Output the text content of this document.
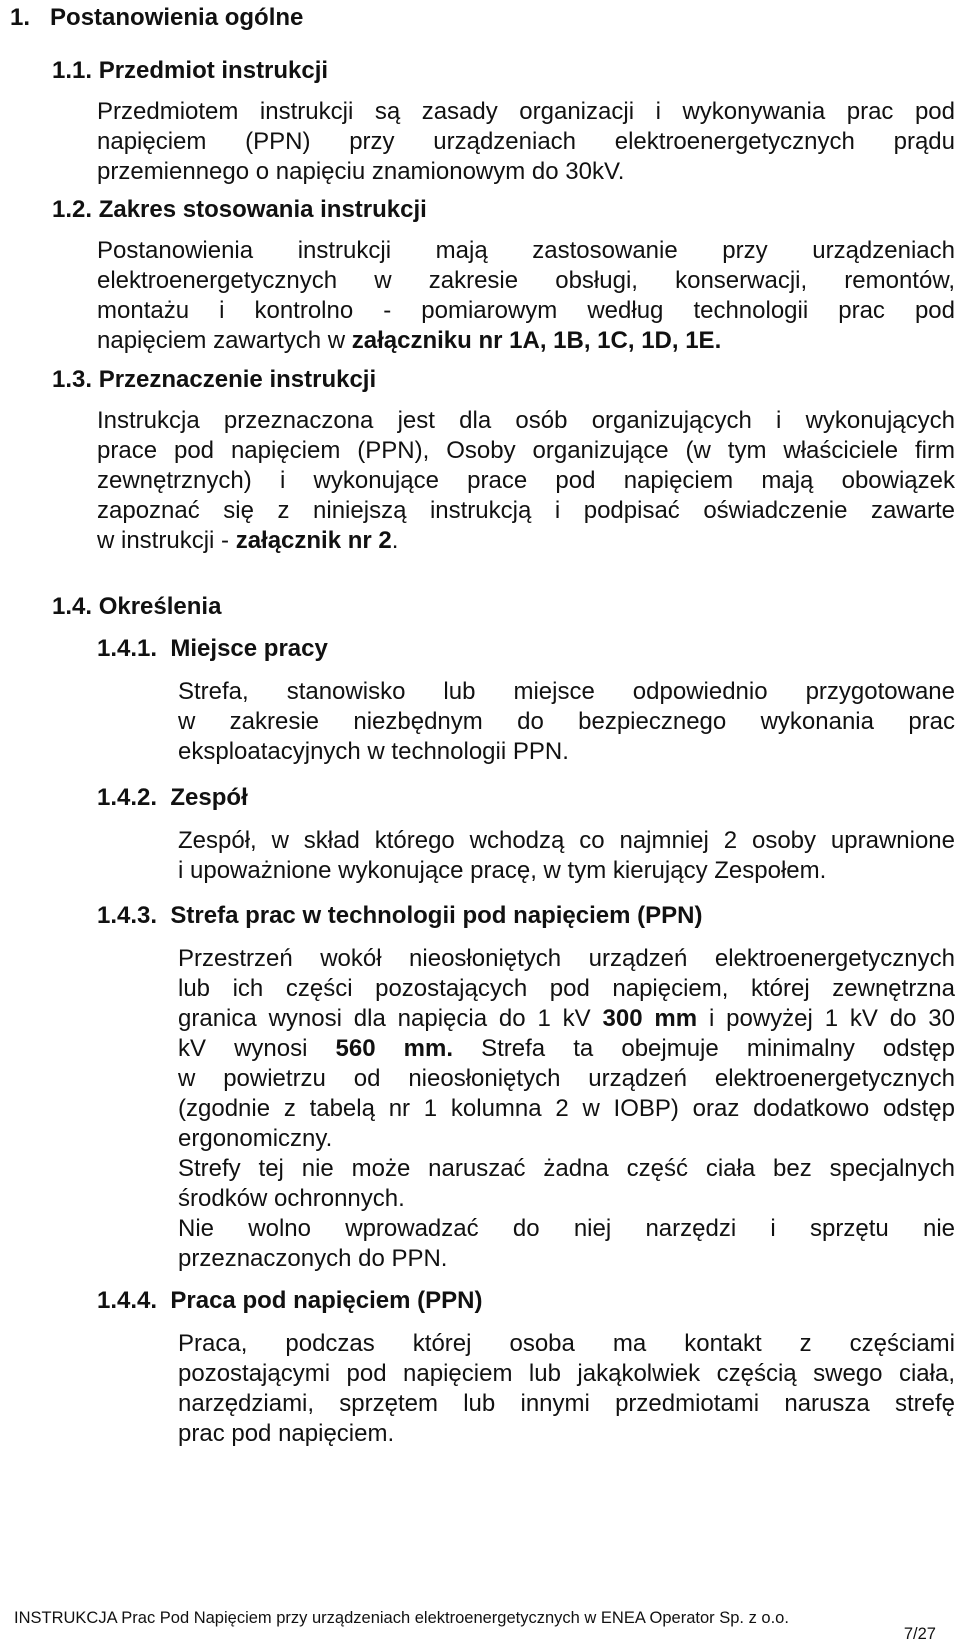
1. Postanowienia ogólne
1.1. Przedmiot instrukcji
Przedmiotem instrukcji są zasady organizacji i wykonywania prac pod
napięciem (PPN) przy urządzeniach elektroenergetycznych prądu
przemiennego o napięciu znamionowym do 30kV.
1.2. Zakres stosowania instrukcji
Postanowienia instrukcji mają zastosowanie przy urządzeniach
elektroenergetycznych w zakresie obsługi, konserwacji, remontów,
montażu i kontrolno - pomiarowym według technologii prac pod
napięciem zawartych w załączniku nr 1A, 1B, 1C, 1D, 1E.
1.3. Przeznaczenie instrukcji
Instrukcja przeznaczona jest dla osób organizujących i wykonujących
prace pod napięciem (PPN), Osoby organizujące (w tym właściciele firm
zewnętrznych) i wykonujące prace pod napięciem mają obowiązek
zapoznać się z niniejszą instrukcją i podpisać oświadczenie zawarte
w instrukcji - załącznik nr 2.
1.4. Określenia
1.4.1. Miejsce pracy
Strefa, stanowisko lub miejsce odpowiednio przygotowane
w zakresie niezbędnym do bezpiecznego wykonania prac
eksploatacyjnych w technologii PPN.
1.4.2. Zespół
Zespół, w skład którego wchodzą co najmniej 2 osoby uprawnione
i upoważnione wykonujące pracę, w tym kierujący Zespołem.
1.4.3. Strefa prac w technologii pod napięciem (PPN)
Przestrzeń wokół nieosłoniętych urządzeń elektroenergetycznych
lub ich części pozostających pod napięciem, której zewnętrzna
granica wynosi dla napięcia do 1 kV 300 mm i powyżej 1 kV do 30
kV wynosi 560 mm. Strefa ta obejmuje minimalny odstęp
w powietrzu od nieosłoniętych urządzeń elektroenergetycznych
(zgodnie z tabelą nr 1 kolumna 2 w IOBP) oraz dodatkowo odstęp
ergonomiczny.
Strefy tej nie może naruszać żadna część ciała bez specjalnych
środków ochronnych.
Nie wolno wprowadzać do niej narzędzi i sprzętu nie
przeznaczonych do PPN.
1.4.4. Praca pod napięciem (PPN)
Praca, podczas której osoba ma kontakt z częściami
pozostającymi pod napięciem lub jakąkolwiek częścią swego ciała,
narzędziami, sprzętem lub innymi przedmiotami narusza strefę
prac pod napięciem.
INSTRUKCJA Prac Pod Napięciem przy urządzeniach elektroenergetycznych w ENEA Operator Sp. z o.o.
7/27
